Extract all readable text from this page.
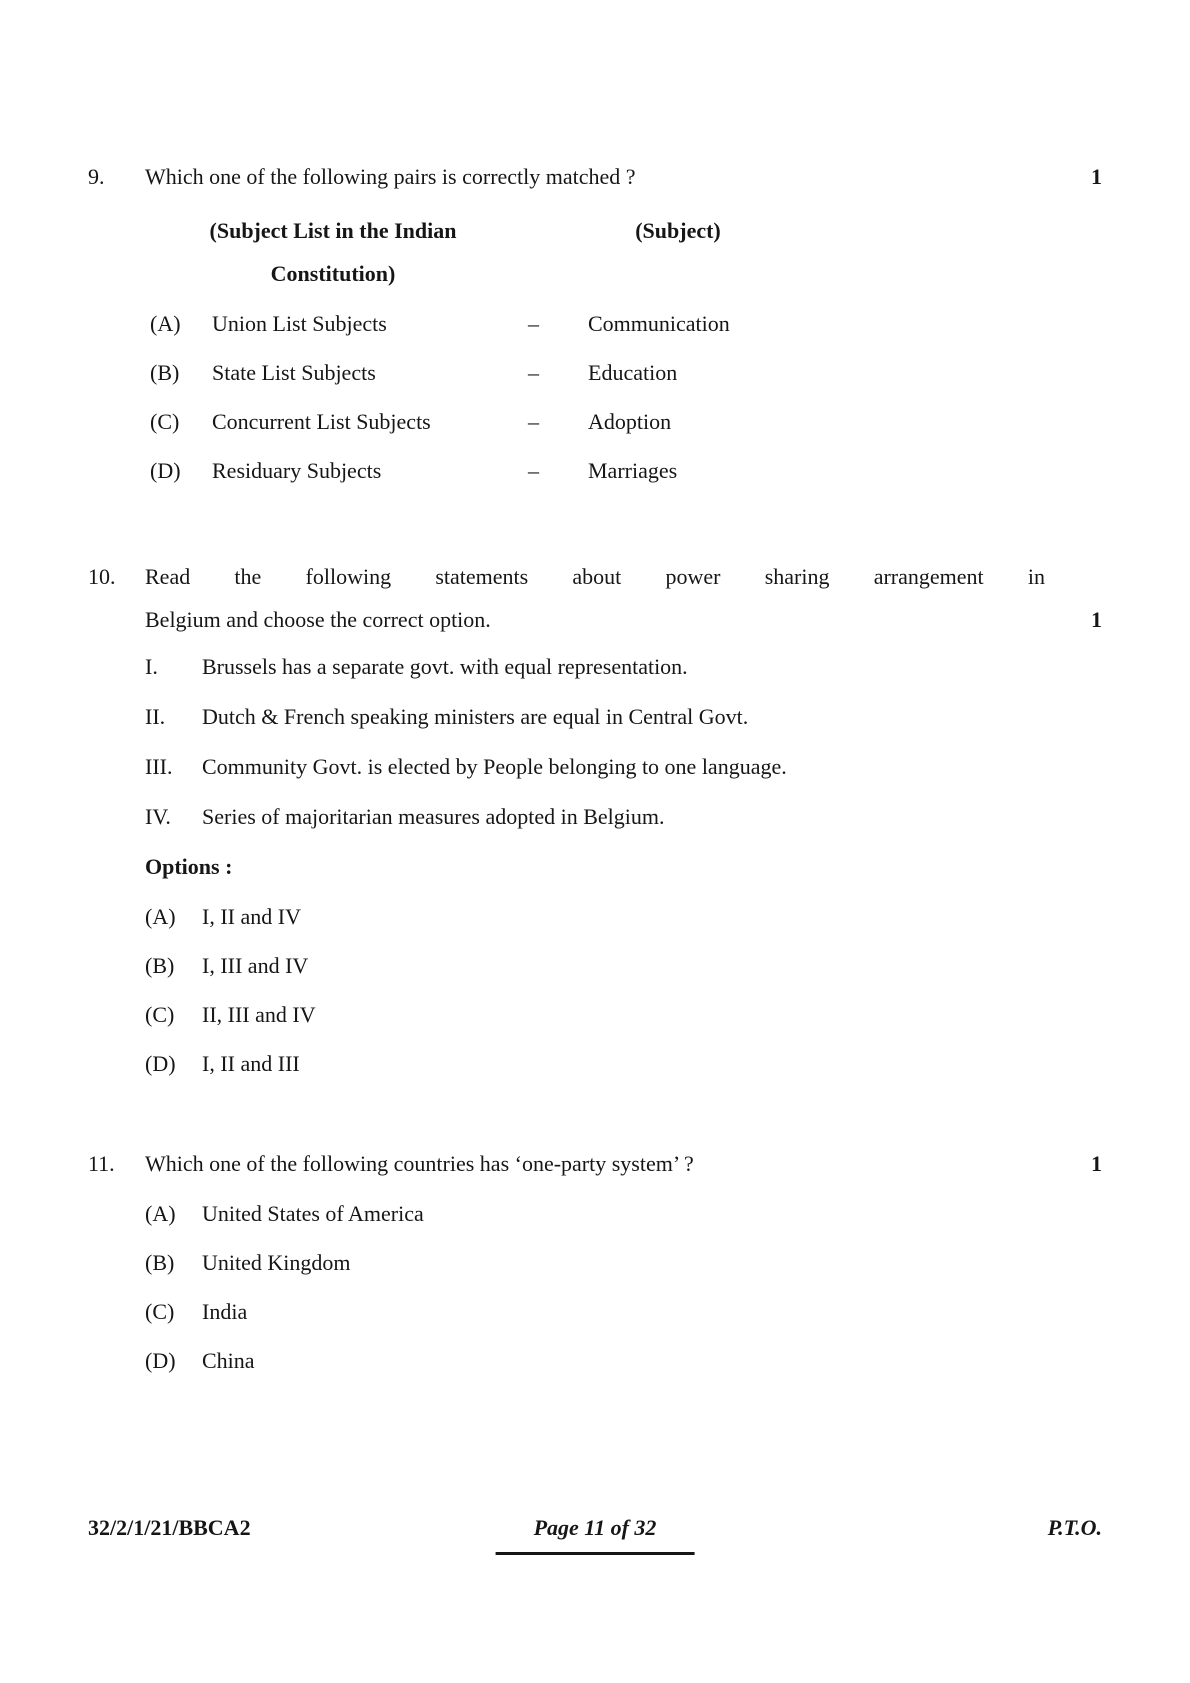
9.	Which one of the following pairs is correctly matched ?	1
(Subject List in the Indian
Constitution)
(Subject)
(A)	Union List Subjects	–	Communication
(B)	State List Subjects	–	Education
(C)	Concurrent List Subjects	–	Adoption
(D)	Residuary Subjects	–	Marriages
10.	Read the following statements about power sharing arrangement in
Belgium and choose the correct option.	1
I.	Brussels has a separate govt. with equal representation.
II.	Dutch & French speaking ministers are equal in Central Govt.
III.	Community Govt. is elected by People belonging to one language.
IV.	Series of majoritarian measures adopted in Belgium.
Options :
(A)	I, II and IV
(B)	I, III and IV
(C)	II, III and IV
(D)	I, II and III
11.	Which one of the following countries has ‘one-party system’ ?	1
(A)	United States of America
(B)	United Kingdom
(C)	India
(D)	China
32/2/1/21/BBCA2	Page 11 of 32	P.T.O.
